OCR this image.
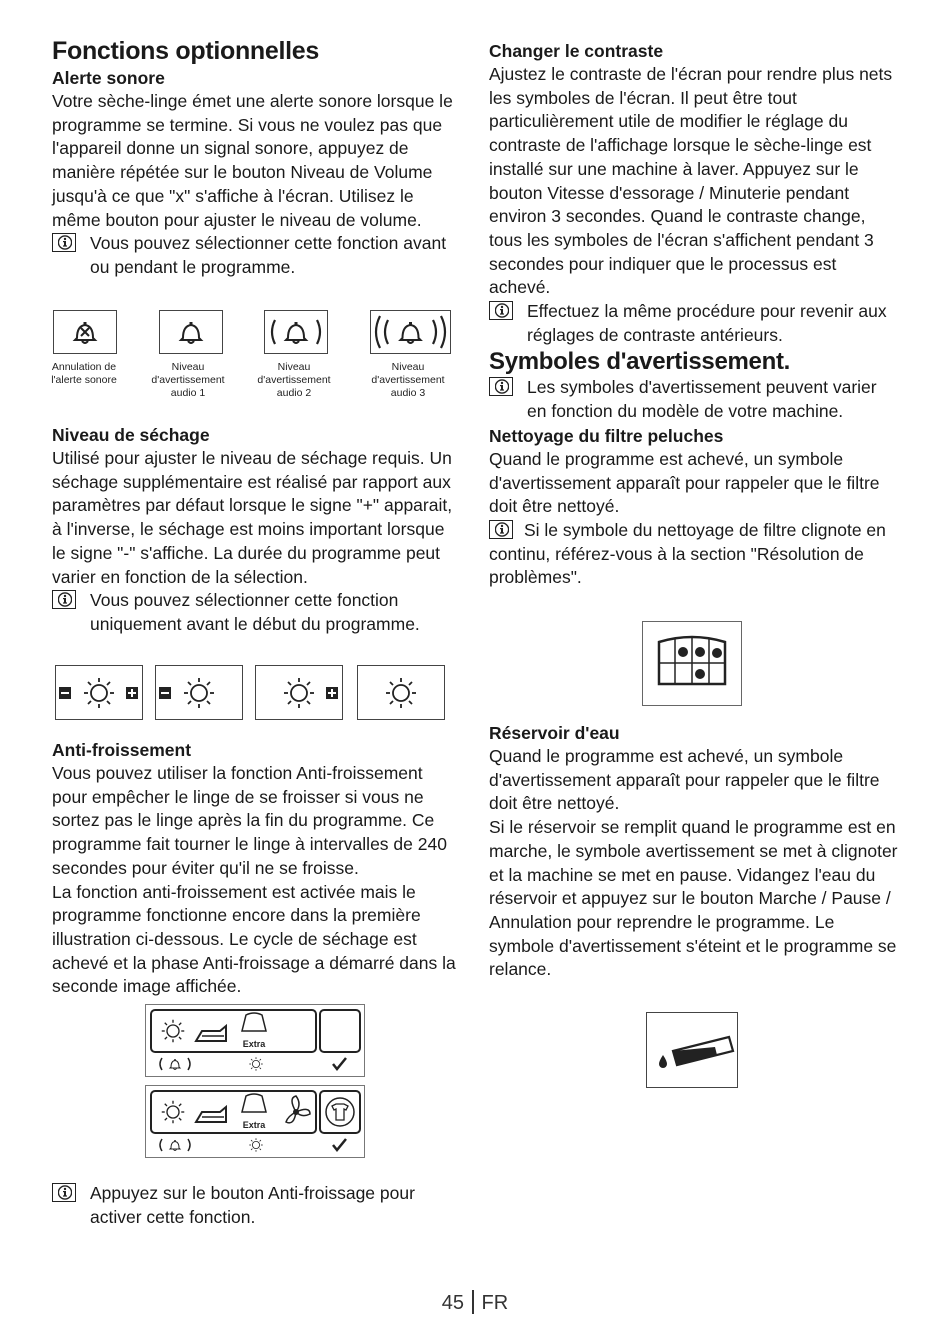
Fonctions optionnelles
Alerte sonore

Votre sèche-linge émet une alerte sonore lorsque le programme se termine. Si vous ne voulez pas que l'appareil donne un signal sonore, appuyez de manière répétée sur le bouton Niveau de Volume jusqu'à ce que "x" s'affiche à l'écran. Utilisez le même bouton pour ajuster le niveau de volume.

Vous pouvez sélectionner cette fonction avant ou pendant le programme.
Annulation de l'alerte sonore
Niveau d'avertissement audio 1
Niveau d'avertissement audio 2
Niveau d'avertissement audio 3
Niveau de séchage

Utilisé pour ajuster le niveau de séchage requis. Un séchage supplémentaire est réalisé par rapport aux paramètres par défaut lorsque le signe "+" apparait, à l'inverse, le séchage est moins important lorsque le signe "-" s'affiche. La durée du programme peut varier en fonction de la sélection.

Vous pouvez sélectionner cette fonction uniquement avant le début du programme.
Anti-froissement

Vous pouvez utiliser la fonction Anti-froissement pour empêcher le linge de se froisser si vous ne sortez pas le linge après la fin du programme. Ce programme fait tourner le linge à intervalles de 240 secondes pour éviter qu'il ne se froisse.

La fonction anti-froissement est activée mais le programme fonctionne encore dans la première illustration ci-dessous. Le cycle de séchage est achevé et la phase Anti-froissage a démarré dans la seconde image affichée.

Extra
Extra
Appuyez sur le bouton Anti-froissage pour activer cette fonction.
Changer le contraste

Ajustez le contraste de l'écran pour rendre plus nets les symboles de l'écran. Il peut être tout particulièrement utile de modifier le réglage du contraste de l'affichage lorsque le sèche-linge est installé sur une machine à laver. Appuyez sur le bouton Vitesse d'essorage / Minuterie pendant environ 3 secondes. Quand le contraste change, tous les symboles de l'écran s'affichent pendant 3 secondes pour indiquer que le processus est achevé.

Effectuez la même procédure pour revenir aux réglages de contraste antérieurs.
Symboles d'avertissement.
Les symboles d'avertissement peuvent varier en fonction du modèle de votre machine.
Nettoyage du filtre peluches

Quand le programme est achevé, un symbole d'avertissement apparaît pour rappeler que le filtre doit être nettoyé.

Si le symbole du nettoyage de filtre clignote en continu, référez-vous à la section "Résolution de problèmes".
Réservoir d'eau

Quand le programme est achevé, un symbole d'avertissement apparaît pour rappeler que le filtre doit être nettoyé.

Si le réservoir se remplit quand le programme est en marche, le symbole avertissement se met à clignoter et la machine se met en pause. Vidangez l'eau du réservoir et appuyez sur le bouton Marche / Pause / Annulation pour reprendre le programme. Le symbole d'avertissement s'éteint et le programme se relance.

45 FR
